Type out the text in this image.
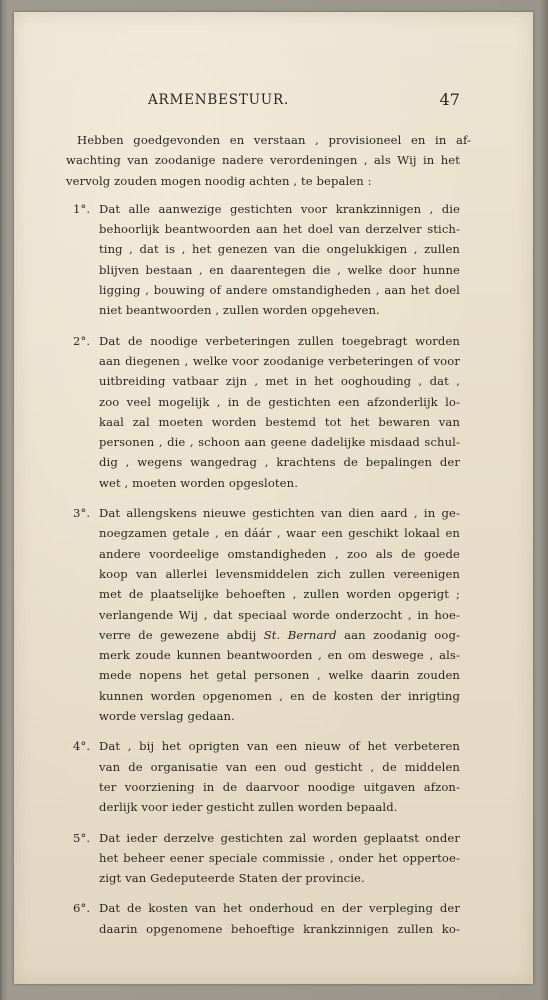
ARMENBESTUUR.	47
Hebben goedgevonden en verstaan , provisioneel en in af-
wachting van zoodanige nadere verordeningen , als Wij in het
vervolg zouden mogen noodig achten , te bepalen :
1°. Dat alle aanwezige gestichten voor krankzinnigen , die
behoorlijk beantwoorden aan het doel van derzelver stich-
ting , dat is , het genezen van die ongelukkigen , zullen
blijven bestaan , en daarentegen die , welke door hunne
ligging , bouwing of andere omstandigheden , aan het doel
niet beantwoorden , zullen worden opgeheven.
2°. Dat de noodige verbeteringen zullen toegebragt worden
aan diegenen , welke voor zoodanige verbeteringen of voor
uitbreiding vatbaar zijn , met in het ooghouding , dat ,
zoo veel mogelijk , in de gestichten een afzonderlijk lo-
kaal zal moeten worden bestemd tot het bewaren van
personen , die , schoon aan geene dadelijke misdaad schul-
dig , wegens wangedrag , krachtens de bepalingen der
wet , moeten worden opgesloten.
3°. Dat allengskens nieuwe gestichten van dien aard , in ge-
noegzamen getale , en dáár , waar een geschikt lokaal en
andere voordeelige omstandigheden , zoo als de goede
koop van allerlei levensmiddelen zich zullen vereenigen
met de plaatselijke behoeften , zullen worden opgerigt ;
verlangende Wij , dat speciaal worde onderzocht , in hoe-
verre de gewezene abdij St. Bernard aan zoodanig oog-
merk zoude kunnen beantwoorden , en om deswege , als-
mede nopens het getal personen , welke daarin zouden
kunnen worden opgenomen , en de kosten der inrigting
worde verslag gedaan.
4°. Dat , bij het oprigten van een nieuw of het verbeteren
van de organisatie van een oud gesticht , de middelen
ter voorziening in de daarvoor noodige uitgaven afzon-
derlijk voor ieder gesticht zullen worden bepaald.
5°. Dat ieder derzelve gestichten zal worden geplaatst onder
het beheer eener speciale commissie , onder het oppertoe-
zigt van Gedeputeerde Staten der provincie.
6°. Dat de kosten van het onderhoud en der verpleging der
daarin opgenomene behoeftige krankzinnigen zullen ko-
